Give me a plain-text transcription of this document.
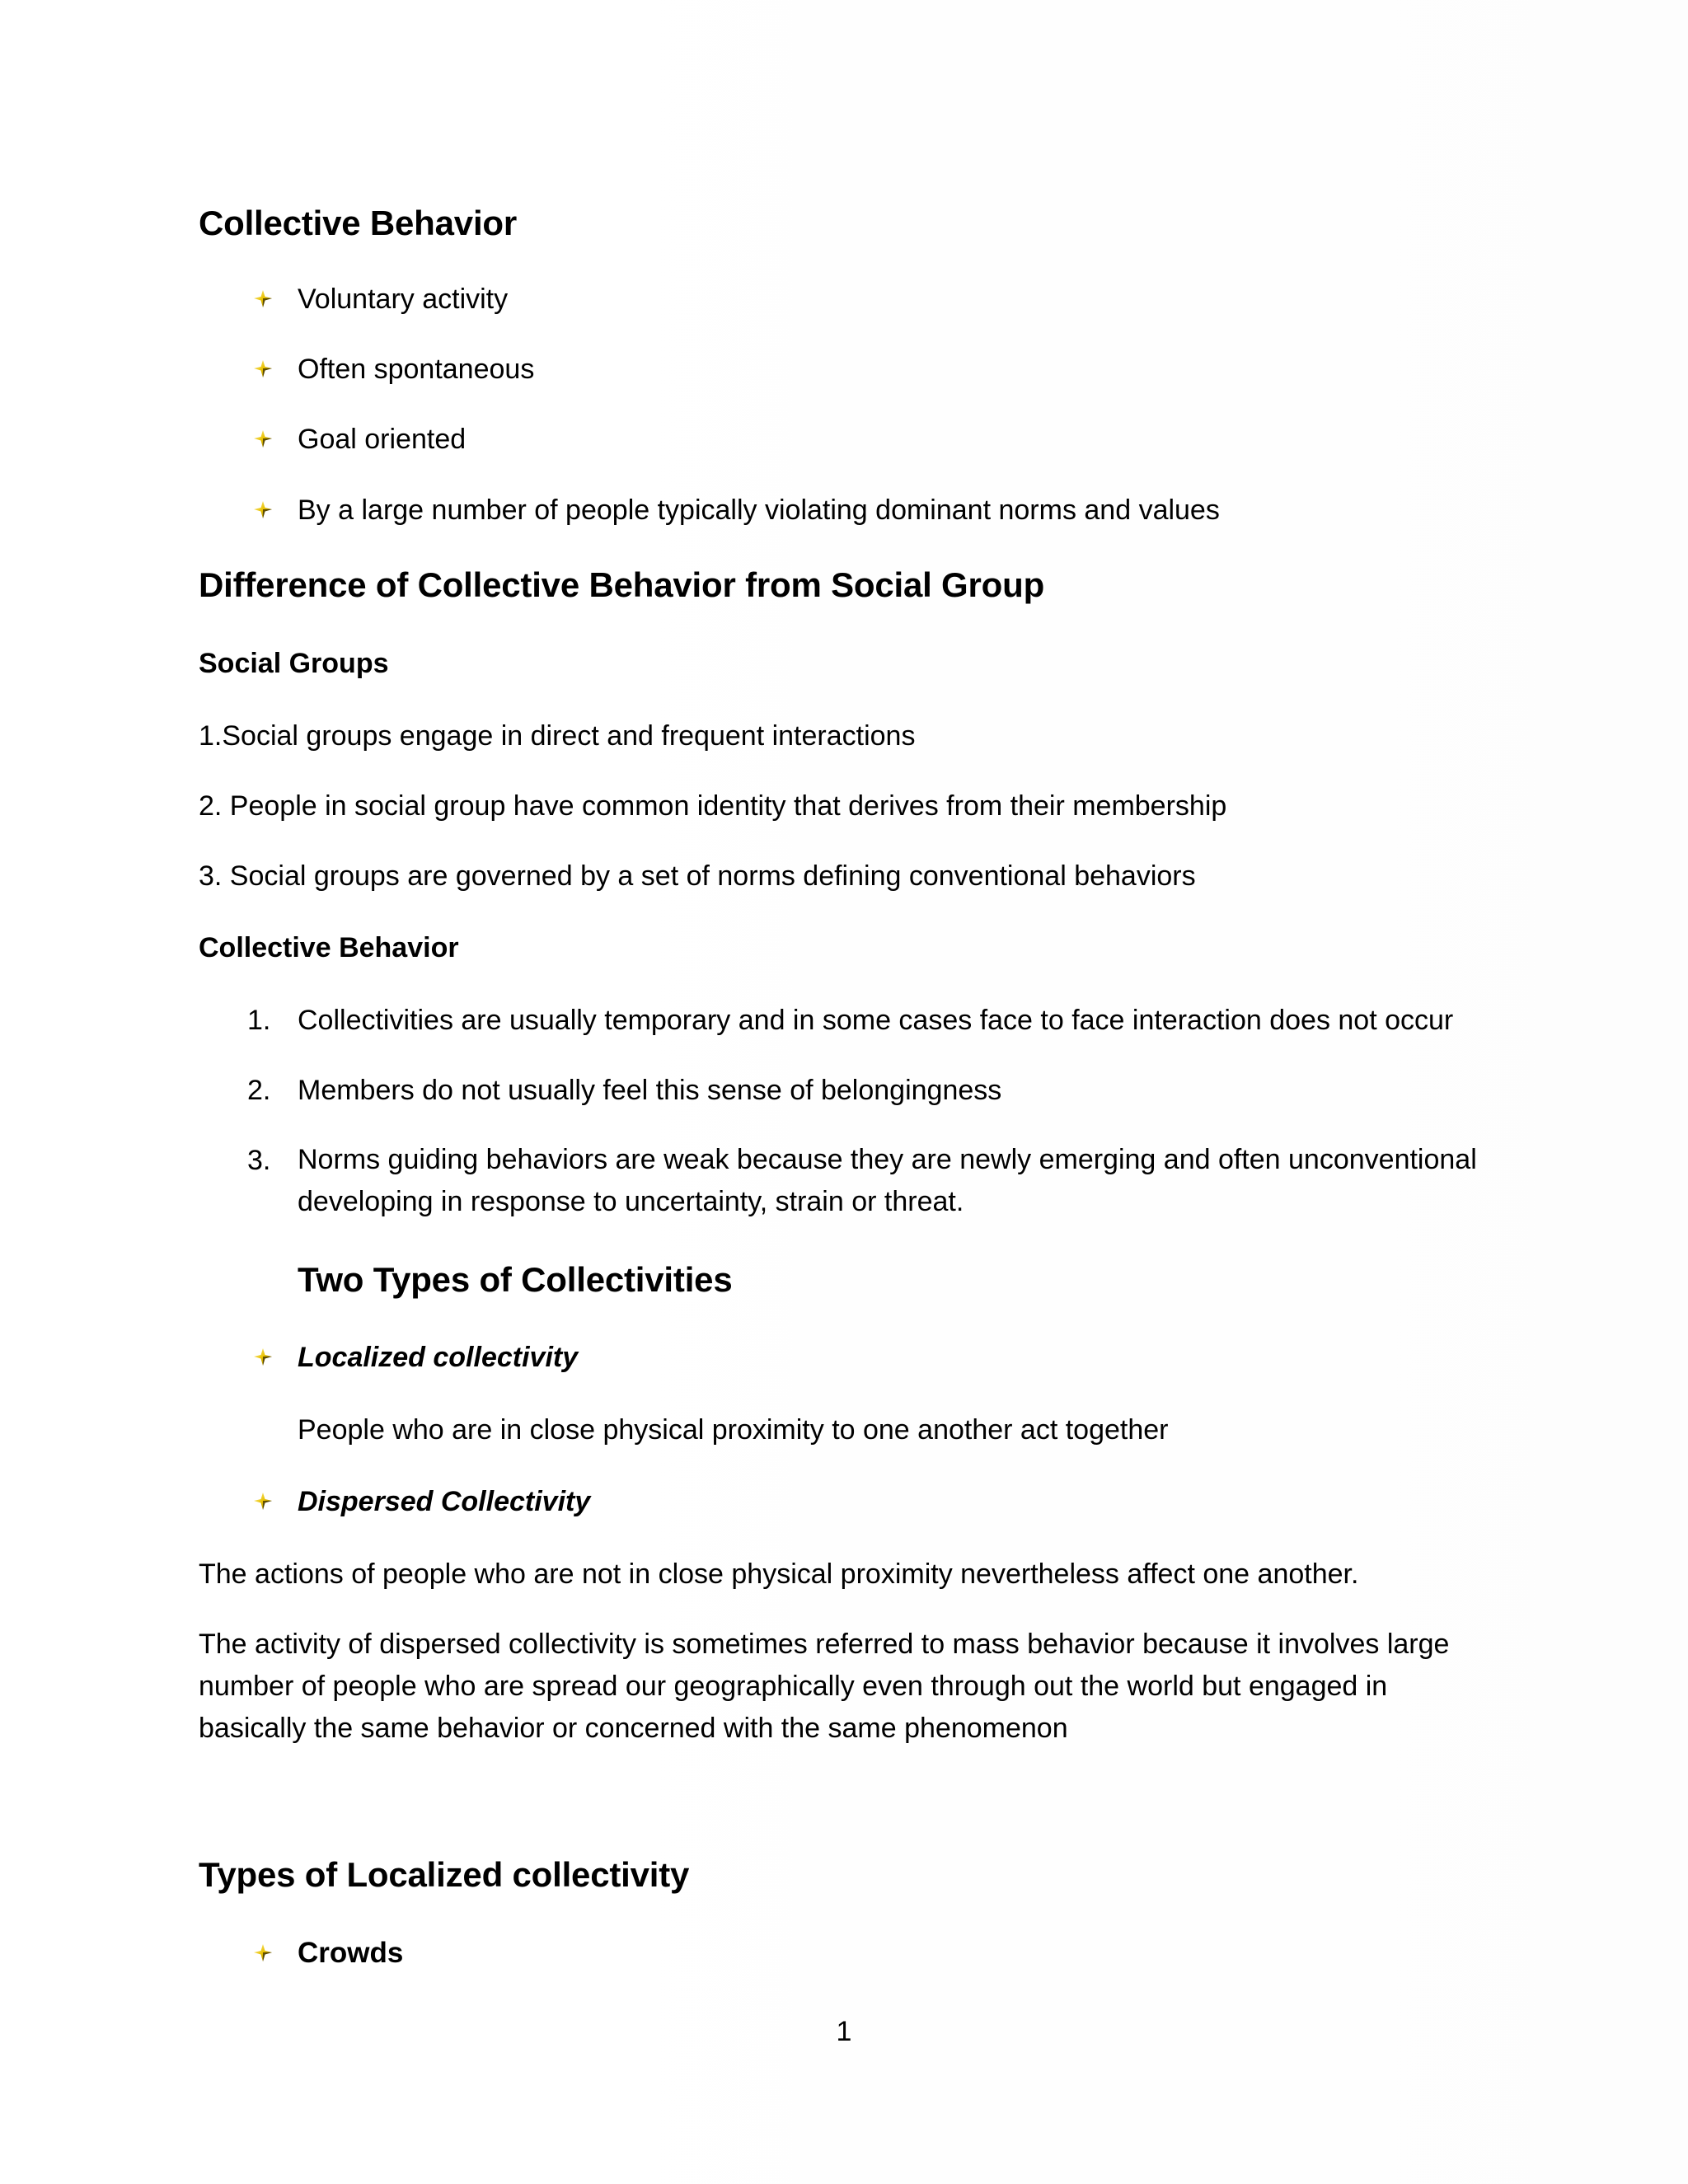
Collective Behavior

Voluntary activity

Often spontaneous

Goal oriented

By a large number of people typically violating dominant norms and values

Difference of Collective Behavior from Social Group
Social Groups

1.Social groups engage in direct and frequent interactions

2. People in social group have common identity that derives from their membership

3. Social groups are governed by a set of norms defining conventional behaviors

Collective Behavior
1. Collectivities are usually temporary and in some cases face to face interaction does not occur

2. Members do not usually feel this sense of belongingness

3. Norms guiding behaviors are weak because they are newly emerging and often unconventional developing in response to uncertainty, strain or threat.

Two Types of Collectivities

Localized collectivity

People who are in close physical proximity to one another act together

Dispersed Collectivity

The actions of people who are not in close physical proximity nevertheless affect one another.

The activity of dispersed collectivity is sometimes referred to mass behavior because it involves large number of people who are spread our geographically even through out the world but engaged in basically the same behavior or concerned with the same phenomenon

Types of Localized collectivity

Crowds

1
